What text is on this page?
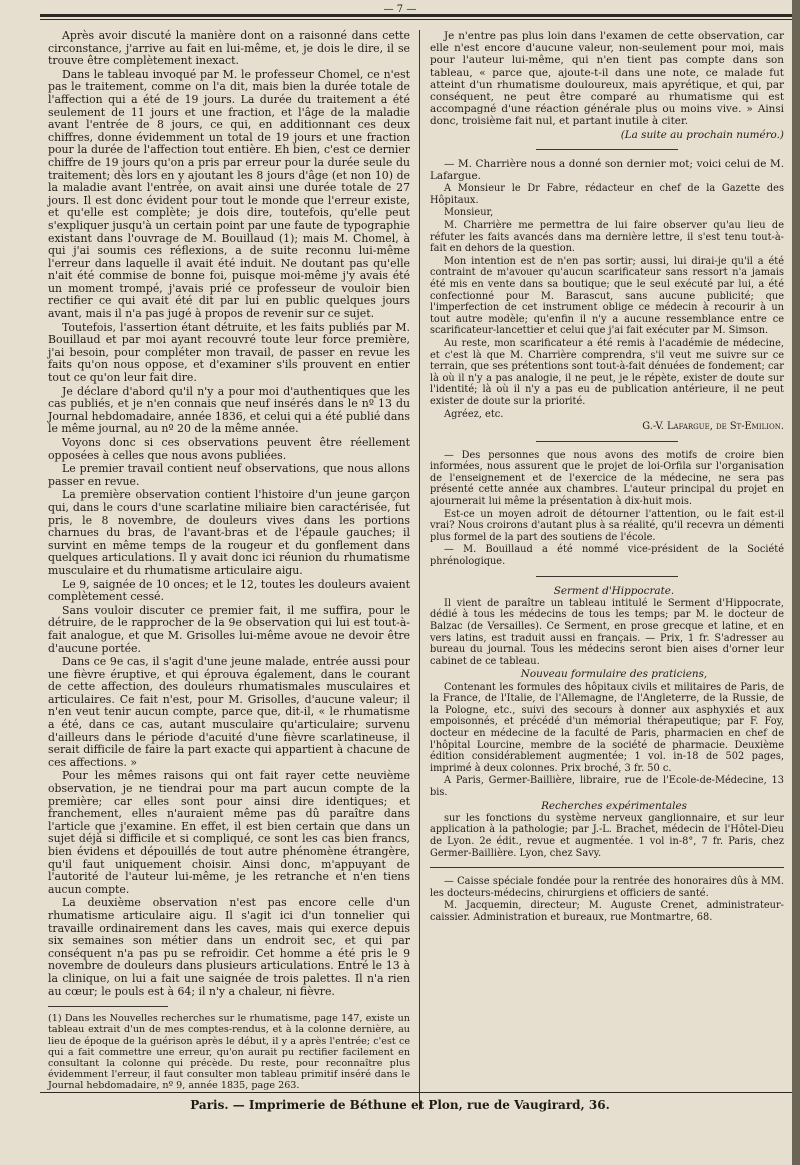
— 7 —

Après avoir discuté la manière dont on a raisonné dans cette circonstance, j'arrive au fait en lui-même, et, je dois le dire, il se trouve être complètement inexact.

Dans le tableau invoqué par M. le professeur Chomel, ce n'est pas le traitement, comme on l'a dit, mais bien la durée totale de l'affection qui a été de 19 jours. La durée du traitement a été seulement de 11 jours et une fraction, et l'âge de la maladie avant l'entrée de 8 jours, ce qui, en additionnant ces deux chiffres, donne évidemment un total de 19 jours et une fraction pour la durée de l'affection tout entière. Eh bien, c'est ce dernier chiffre de 19 jours qu'on a pris par erreur pour la durée seule du traitement; dès lors en y ajoutant les 8 jours d'âge (et non 10) de la maladie avant l'entrée, on avait ainsi une durée totale de 27 jours. Il est donc évident pour tout le monde que l'erreur existe, et qu'elle est complète; je dois dire, toutefois, qu'elle peut s'expliquer jusqu'à un certain point par une faute de typographie existant dans l'ouvrage de M. Bouillaud (1); mais M. Chomel, à qui j'ai soumis ces réflexions, a de suite reconnu lui-même l'erreur dans laquelle il avait été induit. Ne doutant pas qu'elle n'ait été commise de bonne foi, puisque moi-même j'y avais été un moment trompé, j'avais prié ce professeur de vouloir bien rectifier ce qui avait été dit par lui en public quelques jours avant, mais il n'a pas jugé à propos de revenir sur ce sujet.

Toutefois, l'assertion étant détruite, et les faits publiés par M. Bouillaud et par moi ayant recouvré toute leur force première, j'ai besoin, pour compléter mon travail, de passer en revue les faits qu'on nous oppose, et d'examiner s'ils prouvent en entier tout ce qu'on leur fait dire.

Je déclare d'abord qu'il n'y a pour moi d'authentiques que les cas publiés, et je n'en connais que neuf insérés dans le nº 13 du Journal hebdomadaire, année 1836, et celui qui a été publié dans le même journal, au nº 20 de la même année.

Voyons donc si ces observations peuvent être réellement opposées à celles que nous avons publiées.

Le premier travail contient neuf observations, que nous allons passer en revue.

La première observation contient l'histoire d'un jeune garçon qui, dans le cours d'une scarlatine miliaire bien caractérisée, fut pris, le 8 novembre, de douleurs vives dans les portions charnues du bras, de l'avant-bras et de l'épaule gauches; il survint en même temps de la rougeur et du gonflement dans quelques articulations. Il y avait donc ici réunion du rhumatisme musculaire et du rhumatisme articulaire aigu.

Le 9, saignée de 10 onces; et le 12, toutes les douleurs avaient complètement cessé.

Sans vouloir discuter ce premier fait, il me suffira, pour le détruire, de le rapprocher de la 9e observation qui lui est tout-à-fait analogue, et que M. Grisolles lui-même avoue ne devoir être d'aucune portée.

Dans ce 9e cas, il s'agit d'une jeune malade, entrée aussi pour une fièvre éruptive, et qui éprouva également, dans le courant de cette affection, des douleurs rhumatismales musculaires et articulaires. Ce fait n'est, pour M. Grisolles, d'aucune valeur; il n'en veut tenir aucun compte, parce que, dit-il, « le rhumatisme a été, dans ce cas, autant musculaire qu'articulaire; survenu d'ailleurs dans le période d'acuité d'une fièvre scarlatineuse, il serait difficile de faire la part exacte qui appartient à chacune de ces affections. »

Pour les mêmes raisons qui ont fait rayer cette neuvième observation, je ne tiendrai pour ma part aucun compte de la première; car elles sont pour ainsi dire identiques; et franchement, elles n'auraient même pas dû paraître dans l'article que j'examine. En effet, il est bien certain que dans un sujet déjà si difficile et si compliqué, ce sont les cas bien francs, bien évidens et dépouillés de tout autre phénomène étrangère, qu'il faut uniquement choisir. Ainsi donc, m'appuyant de l'autorité de l'auteur lui-même, je les retranche et n'en tiens aucun compte.

La deuxième observation n'est pas encore celle d'un rhumatisme articulaire aigu. Il s'agit ici d'un tonnelier qui travaille ordinairement dans les caves, mais qui exerce depuis six semaines son métier dans un endroit sec, et qui par conséquent n'a pas pu se refroidir. Cet homme a été pris le 9 novembre de douleurs dans plusieurs articulations. Entré le 13 à la clinique, on lui a fait une saignée de trois palettes. Il n'a rien au cœur; le pouls est à 64; il n'y a chaleur, ni fièvre.

(1) Dans les Nouvelles recherches sur le rhumatisme, page 147, existe un tableau extrait d'un de mes comptes-rendus, et à la colonne dernière, au lieu de époque de la guérison après le début, il y a après l'entrée; c'est ce qui a fait commettre une erreur, qu'on aurait pu rectifier facilement en consultant la colonne qui précède. Du reste, pour reconnaître plus évidemment l'erreur, il faut consulter mon tableau primitif inséré dans le Journal hebdomadaire, nº 9, année 1835, page 263.

Je n'entre pas plus loin dans l'examen de cette observation, car elle n'est encore d'aucune valeur, non-seulement pour moi, mais pour l'auteur lui-même, qui n'en tient pas compte dans son tableau, « parce que, ajoute-t-il dans une note, ce malade fut atteint d'un rhumatisme douloureux, mais apyrétique, et qui, par conséquent, ne peut être comparé au rhumatisme qui est accompagné d'une réaction générale plus ou moins vive. » Ainsi donc, troisième fait nul, et partant inutile à citer.

(La suite au prochain numéro.)

— M. Charrière nous a donné son dernier mot; voici celui de M. Lafargue.

A Monsieur le Dr Fabre, rédacteur en chef de la Gazette des Hôpitaux.

Monsieur,

M. Charrière me permettra de lui faire observer qu'au lieu de réfuter les faits avancés dans ma dernière lettre, il s'est tenu tout-à-fait en dehors de la question.

Mon intention est de n'en pas sortir; aussi, lui dirai-je qu'il a été contraint de m'avouer qu'aucun scarificateur sans ressort n'a jamais été mis en vente dans sa boutique; que le seul exécuté par lui, a été confectionné pour M. Barascut, sans aucune publicité; que l'imperfection de cet instrument oblige ce médecin à recourir à un tout autre modèle; qu'enfin il n'y a aucune ressemblance entre ce scarificateur-lancettier et celui que j'ai fait exécuter par M. Simson.

Au reste, mon scarificateur a été remis à l'académie de médecine, et c'est là que M. Charrière comprendra, s'il veut me suivre sur ce terrain, que ses prétentions sont tout-à-fait dénuées de fondement; car là où il n'y a pas analogie, il ne peut, je le répète, exister de doute sur l'identité; là où il n'y a pas eu de publication antérieure, il ne peut exister de doute sur la priorité.

Agréez, etc.

G.-V. Lafargue, de St-Emilion.

— Des personnes que nous avons des motifs de croire bien informées, nous assurent que le projet de loi-Orfila sur l'organisation de l'enseignement et de l'exercice de la médecine, ne sera pas présenté cette année aux chambres. L'auteur principal du projet en ajournerait lui même la présentation à dix-huit mois.

Est-ce un moyen adroit de détourner l'attention, ou le fait est-il vrai? Nous croirons d'autant plus à sa réalité, qu'il recevra un démenti plus formel de la part des soutiens de l'école.

— M. Bouillaud a été nommé vice-président de la Société phrénologique.

Serment d'Hippocrate.

Il vient de paraître un tableau intitulé le Serment d'Hippocrate, dédié à tous les médecins de tous les temps; par M. le docteur de Balzac (de Versailles). Ce Serment, en prose grecque et latine, et en vers latins, est traduit aussi en français. — Prix, 1 fr. S'adresser au bureau du journal. Tous les médecins seront bien aises d'orner leur cabinet de ce tableau.

Nouveau formulaire des praticiens,

Contenant les formules des hôpitaux civils et militaires de Paris, de la France, de l'Italie, de l'Allemagne, de l'Angleterre, de la Russie, de la Pologne, etc., suivi des secours à donner aux asphyxiés et aux empoisonnés, et précédé d'un mémorial thérapeutique; par F. Foy, docteur en médecine de la faculté de Paris, pharmacien en chef de l'hôpital Lourcine, membre de la société de pharmacie. Deuxième édition considérablement augmentée; 1 vol. in-18 de 502 pages, imprimé à deux colonnes. Prix broché, 3 fr. 50 c.

A Paris, Germer-Baillière, libraire, rue de l'Ecole-de-Médecine, 13 bis.

Recherches expérimentales

sur les fonctions du système nerveux ganglionnaire, et sur leur application à la pathologie; par J.-L. Brachet, médecin de l'Hôtel-Dieu de Lyon. 2e édit., revue et augmentée. 1 vol in-8°, 7 fr. Paris, chez Germer-Baillière. Lyon, chez Savy.

— Caisse spéciale fondée pour la rentrée des honoraires dûs à MM. les docteurs-médecins, chirurgiens et officiers de santé.

M. Jacquemin, directeur; M. Auguste Crenet, administrateur-caissier. Administration et bureaux, rue Montmartre, 68.

Paris. — Imprimerie de Béthune et Plon, rue de Vaugirard, 36.
